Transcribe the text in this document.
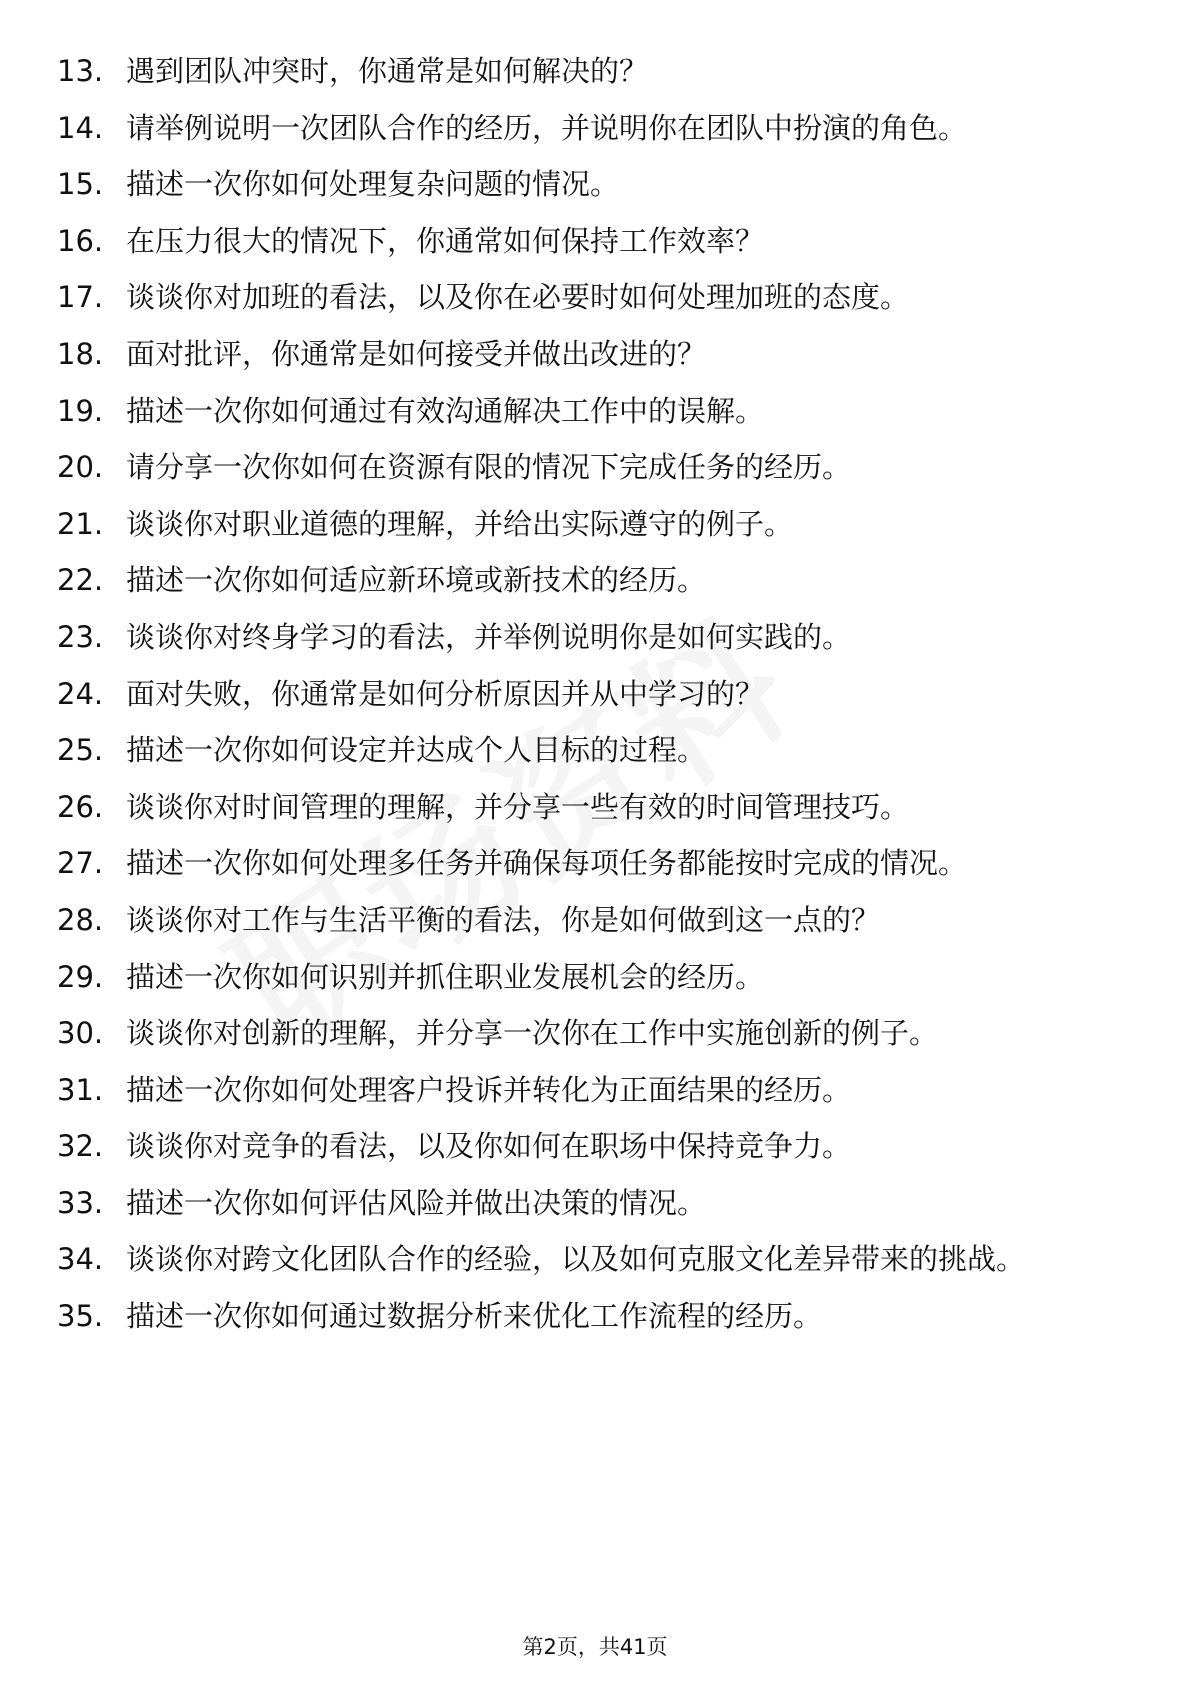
13. 遇到团队冲突时，你通常是如何解决的？
14. 请举例说明一次团队合作的经历，并说明你在团队中扮演的角色。
15. 描述一次你如何处理复杂问题的情况。
16. 在压力很大的情况下，你通常如何保持工作效率？
17. 谈谈你对加班的看法，以及你在必要时如何处理加班的态度。
18. 面对批评，你通常是如何接受并做出改进的？
19. 描述一次你如何通过有效沟通解决工作中的误解。
20. 请分享一次你如何在资源有限的情况下完成任务的经历。
21. 谈谈你对职业道德的理解，并给出实际遵守的例子。
22. 描述一次你如何适应新环境或新技术的经历。
23. 谈谈你对终身学习的看法，并举例说明你是如何实践的。
24. 面对失败，你通常是如何分析原因并从中学习的？
25. 描述一次你如何设定并达成个人目标的过程。
26. 谈谈你对时间管理的理解，并分享一些有效的时间管理技巧。
27. 描述一次你如何处理多任务并确保每项任务都能按时完成的情况。
28. 谈谈你对工作与生活平衡的看法，你是如何做到这一点的？
29. 描述一次你如何识别并抓住职业发展机会的经历。
30. 谈谈你对创新的理解，并分享一次你在工作中实施创新的例子。
31. 描述一次你如何处理客户投诉并转化为正面结果的经历。
32. 谈谈你对竞争的看法，以及你如何在职场中保持竞争力。
33. 描述一次你如何评估风险并做出决策的情况。
34. 谈谈你对跨文化团队合作的经验，以及如何克服文化差异带来的挑战。
35. 描述一次你如何通过数据分析来优化工作流程的经历。
第2页，共41页
